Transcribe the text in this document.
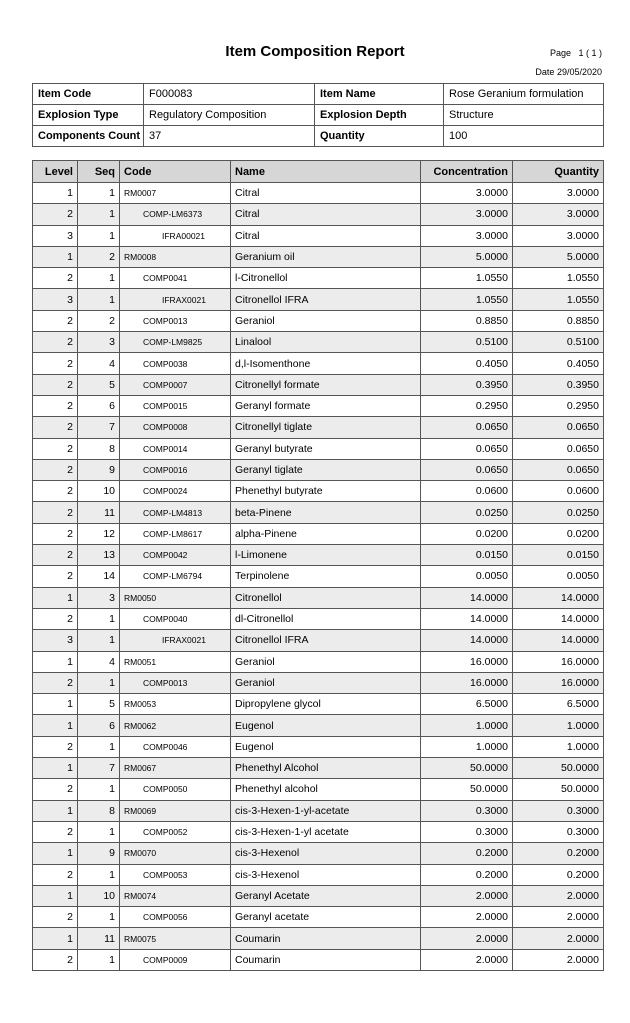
Item Composition Report	Page 1 ( 1 )
Date 29/05/2020
Item Code	F000083	Item Name	Rose Geranium formulation
Explosion Type	Regulatory Composition	Explosion Depth	Structure
Components Count	37	Quantity	100
Level	Seq	Code	Name	Concentration	Quantity
1	1	RM0007	Citral	3.0000	3.0000
2	1	COMP-LM6373	Citral	3.0000	3.0000
3	1	IFRA00021	Citral	3.0000	3.0000
1	2	RM0008	Geranium oil	5.0000	5.0000
2	1	COMP0041	l-Citronellol	1.0550	1.0550
3	1	IFRAX0021	Citronellol IFRA	1.0550	1.0550
2	2	COMP0013	Geraniol	0.8850	0.8850
2	3	COMP-LM9825	Linalool	0.5100	0.5100
2	4	COMP0038	d,l-Isomenthone	0.4050	0.4050
2	5	COMP0007	Citronellyl formate	0.3950	0.3950
2	6	COMP0015	Geranyl formate	0.2950	0.2950
2	7	COMP0008	Citronellyl tiglate	0.0650	0.0650
2	8	COMP0014	Geranyl butyrate	0.0650	0.0650
2	9	COMP0016	Geranyl tiglate	0.0650	0.0650
2	10	COMP0024	Phenethyl butyrate	0.0600	0.0600
2	11	COMP-LM4813	beta-Pinene	0.0250	0.0250
2	12	COMP-LM8617	alpha-Pinene	0.0200	0.0200
2	13	COMP0042	l-Limonene	0.0150	0.0150
2	14	COMP-LM6794	Terpinolene	0.0050	0.0050
1	3	RM0050	Citronellol	14.0000	14.0000
2	1	COMP0040	dl-Citronellol	14.0000	14.0000
3	1	IFRAX0021	Citronellol IFRA	14.0000	14.0000
1	4	RM0051	Geraniol	16.0000	16.0000
2	1	COMP0013	Geraniol	16.0000	16.0000
1	5	RM0053	Dipropylene glycol	6.5000	6.5000
1	6	RM0062	Eugenol	1.0000	1.0000
2	1	COMP0046	Eugenol	1.0000	1.0000
1	7	RM0067	Phenethyl Alcohol	50.0000	50.0000
2	1	COMP0050	Phenethyl alcohol	50.0000	50.0000
1	8	RM0069	cis-3-Hexen-1-yl-acetate	0.3000	0.3000
2	1	COMP0052	cis-3-Hexen-1-yl acetate	0.3000	0.3000
1	9	RM0070	cis-3-Hexenol	0.2000	0.2000
2	1	COMP0053	cis-3-Hexenol	0.2000	0.2000
1	10	RM0074	Geranyl Acetate	2.0000	2.0000
2	1	COMP0056	Geranyl acetate	2.0000	2.0000
1	11	RM0075	Coumarin	2.0000	2.0000
2	1	COMP0009	Coumarin	2.0000	2.0000
